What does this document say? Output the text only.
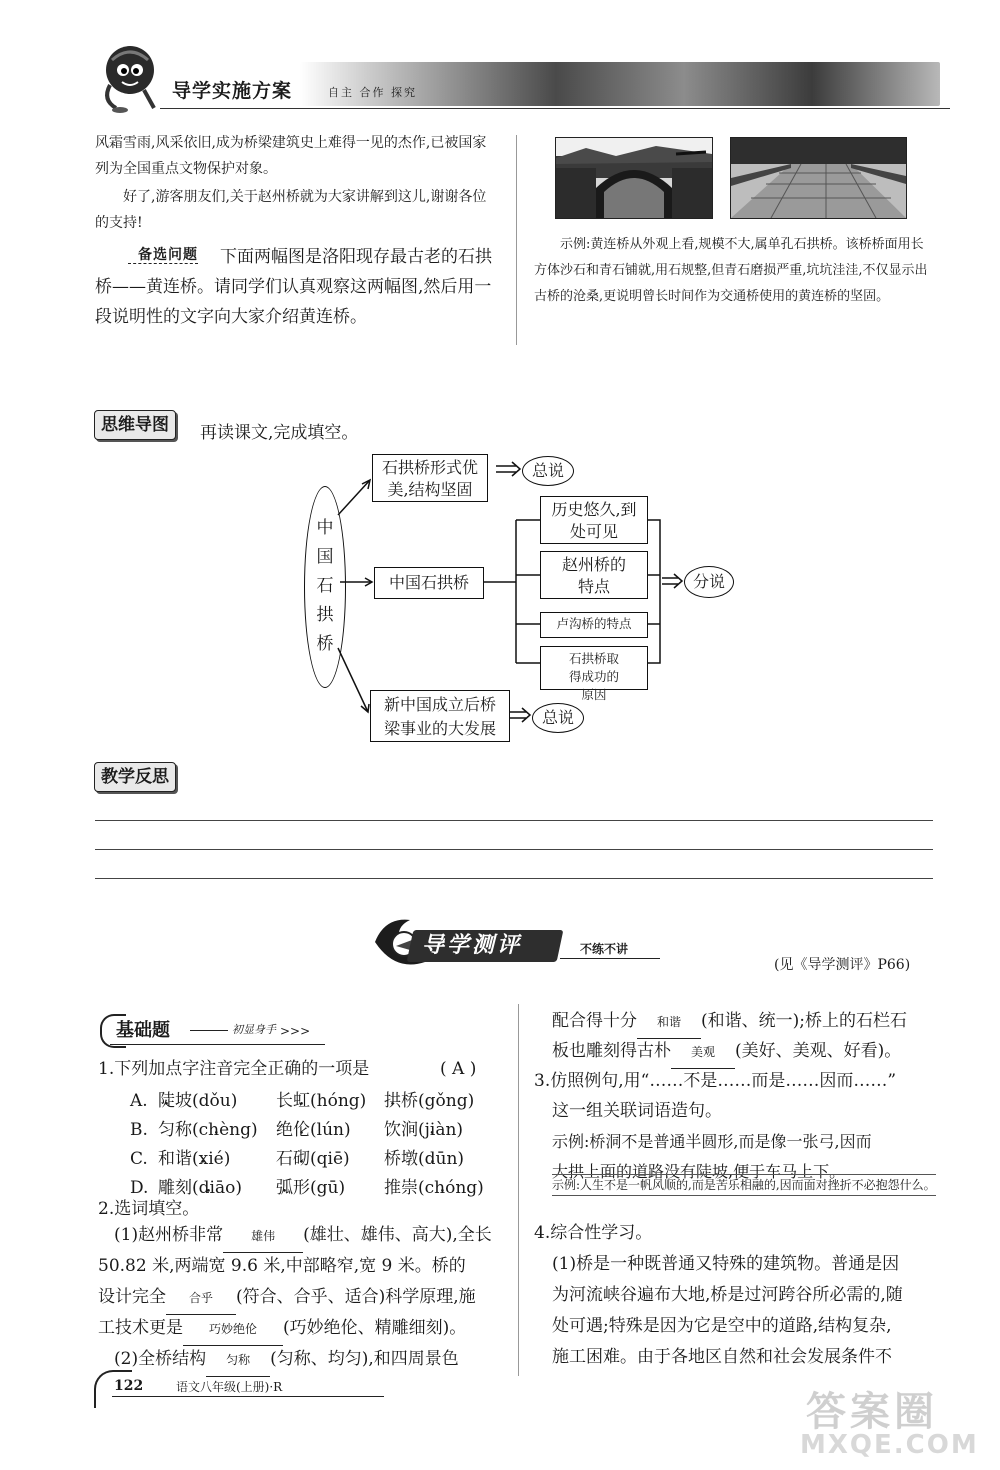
导学实施方案	自主 合作 探究

风霜雪雨,风采依旧,成为桥梁建筑史上难得一见的杰作,已被国家列为全国重点文物保护对象。

好了,游客朋友们,关于赵州桥就为大家讲解到这儿,谢谢各位的支持!

备选问题	下面两幅图是洛阳现存最古老的石拱桥——黄连桥。请同学们认真观察这两幅图,然后用一段说明性的文字向大家介绍黄连桥。

示例:黄连桥从外观上看,规模不大,属单孔石拱桥。该桥桥面用长方体沙石和青石铺就,用石规整,但青石磨损严重,坑坑洼洼,不仅显示出古桥的沧桑,更说明曾长时间作为交通桥使用的黄连桥的坚固。

思维导图	再读课文,完成填空。
中
国
石
拱
桥
石拱桥形式优美,结构坚固
总说
中国石拱桥
历史悠久,到处可见
赵州桥的特点
卢沟桥的特点
石拱桥取得成功的原因
分说
新中国成立后桥梁事业的大发展
总说
教学反思
导学测评	不练不讲
(见《导学测评》P66)
基础题	初显身手 >>>
1.下列加点字注音完全正确的一项是	( A )
A. 陡 •坡(dǒu) 长虹 •(hóng) 拱 •桥(gǒng)
B. 匀称(chèng) • 绝伦 •(lún) 饮涧(jiàn) •
C. 和谐(xié) •	石砌 •(qiē) 桥墩(dūn) •
D. 雕刻(diāo) • 弧 •形(gū) 推崇(chóng) •
2.选词填空。
(1)赵州桥非常 雄伟 (雄壮、雄伟、高大),全长
50.82 米,两端宽 9.6 米,中部略窄,宽 9 米。桥的
设计完全 合乎 (符合、合乎、适合)科学原理,施
工技术更是 巧妙绝伦 (巧妙绝伦、精雕细刻)。
(2)全桥结构 匀称 (匀称、均匀),和四周景色
配合得十分 和谐 (和谐、统一);桥上的石栏石
板也雕刻得古朴 美观 (美好、美观、好看)。
3.仿照例句,用“……不是……而是……因而……”
这一组关联词语造句。
示例:桥洞不是普通半圆形,而是像一张弓,因而
大拱上面的道路没有陡坡,便于车马上下。
示例:人生不是一帆风顺的,而是苦乐相融的,因而面对挫折不必抱怨什么。
4.综合性学习。
(1)桥是一种既普通又特殊的建筑物。普通是因
为河流峡谷遍布大地,桥是过河跨谷所必需的,随
处可遇;特殊是因为它是空中的道路,结构复杂,
施工困难。由于各地区自然和社会发展条件不
122	语文八年级(上册)·R
答案圈
MXQE.COM
